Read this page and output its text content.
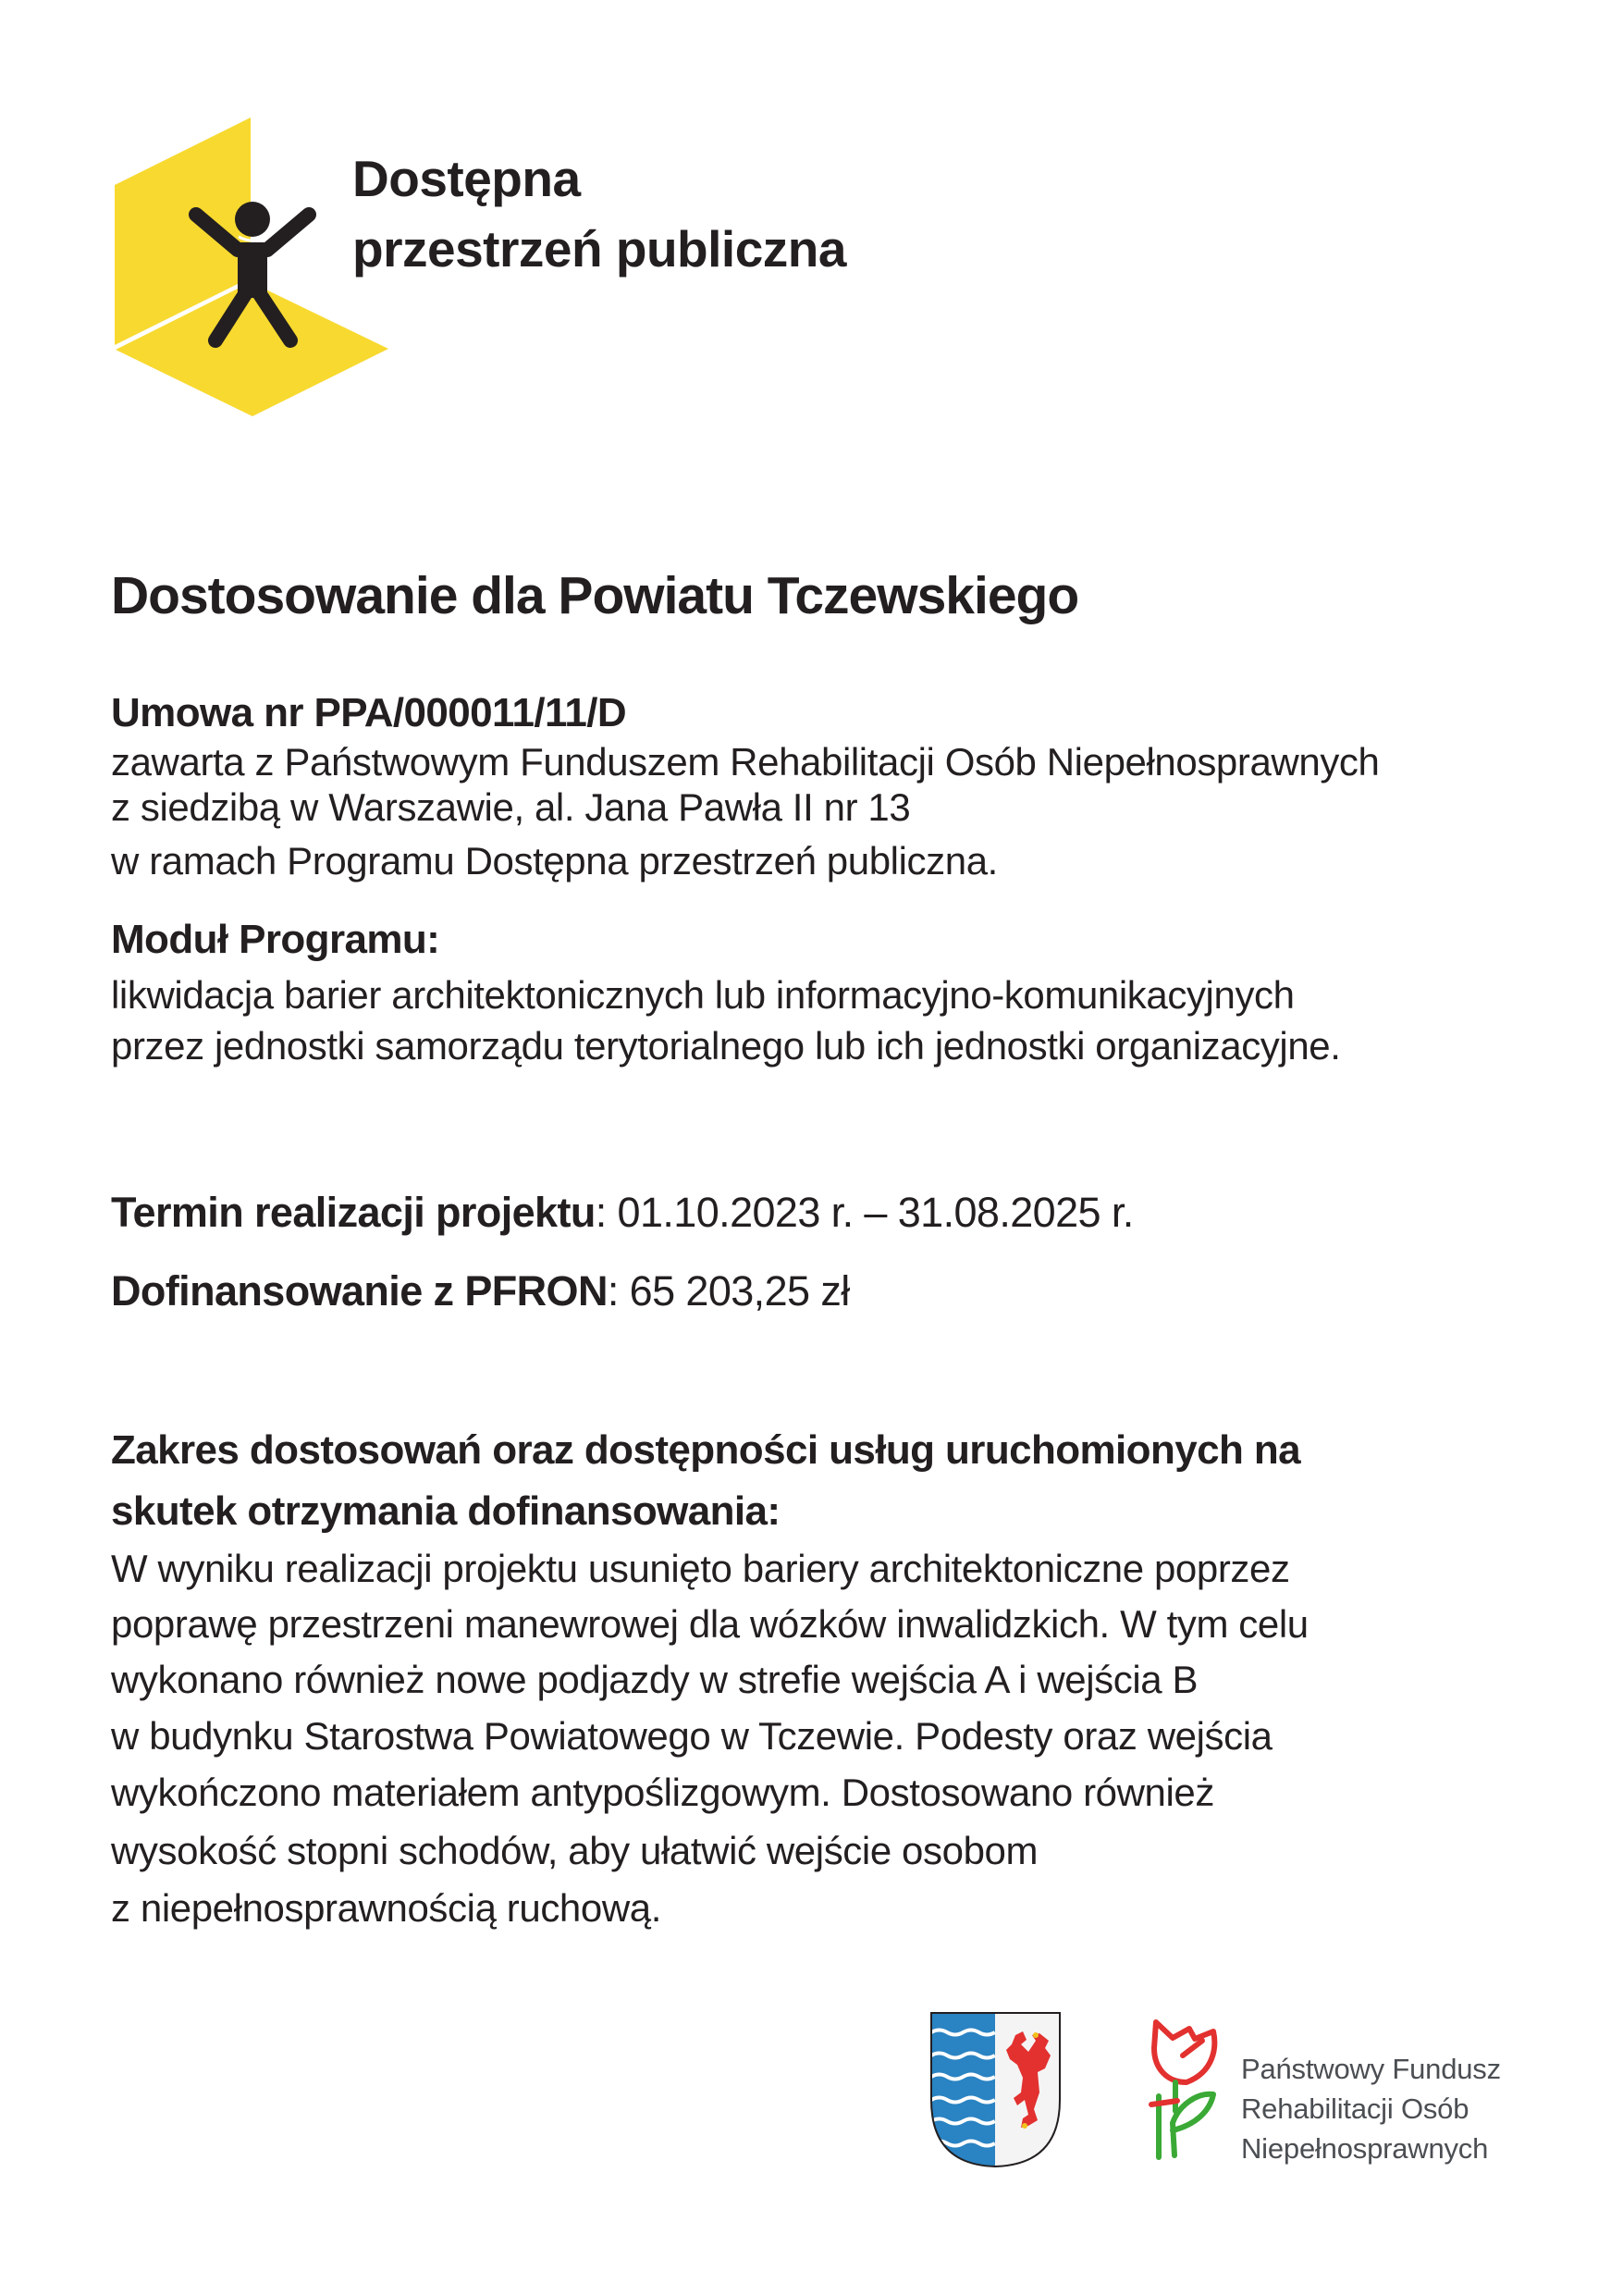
Dostępna
przestrzeń publiczna
Dostosowanie dla Powiatu Tczewskiego
Umowa nr PPA/000011/11/D
zawarta z Państwowym Funduszem Rehabilitacji Osób Niepełnosprawnych
z siedzibą w Warszawie, al. Jana Pawła II nr 13
w ramach Programu Dostępna przestrzeń publiczna.
Moduł Programu:
likwidacja barier architektonicznych lub informacyjno-komunikacyjnych
przez jednostki samorządu terytorialnego lub ich jednostki organizacyjne.
Termin realizacji projektu: 01.10.2023 r. – 31.08.2025 r.
Dofinansowanie z PFRON: 65 203,25 zł
Zakres dostosowań oraz dostępności usług uruchomionych na
skutek otrzymania dofinansowania:
W wyniku realizacji projektu usunięto bariery architektoniczne poprzez
poprawę przestrzeni manewrowej dla wózków inwalidzkich. W tym celu
wykonano również nowe podjazdy w strefie wejścia A i wejścia B
w budynku Starostwa Powiatowego w Tczewie. Podesty oraz wejścia
wykończono materiałem antypoślizgowym. Dostosowano również
wysokość stopni schodów, aby ułatwić wejście osobom
z niepełnosprawnością ruchową.
Państwowy Fundusz
Rehabilitacji Osób
Niepełnosprawnych
